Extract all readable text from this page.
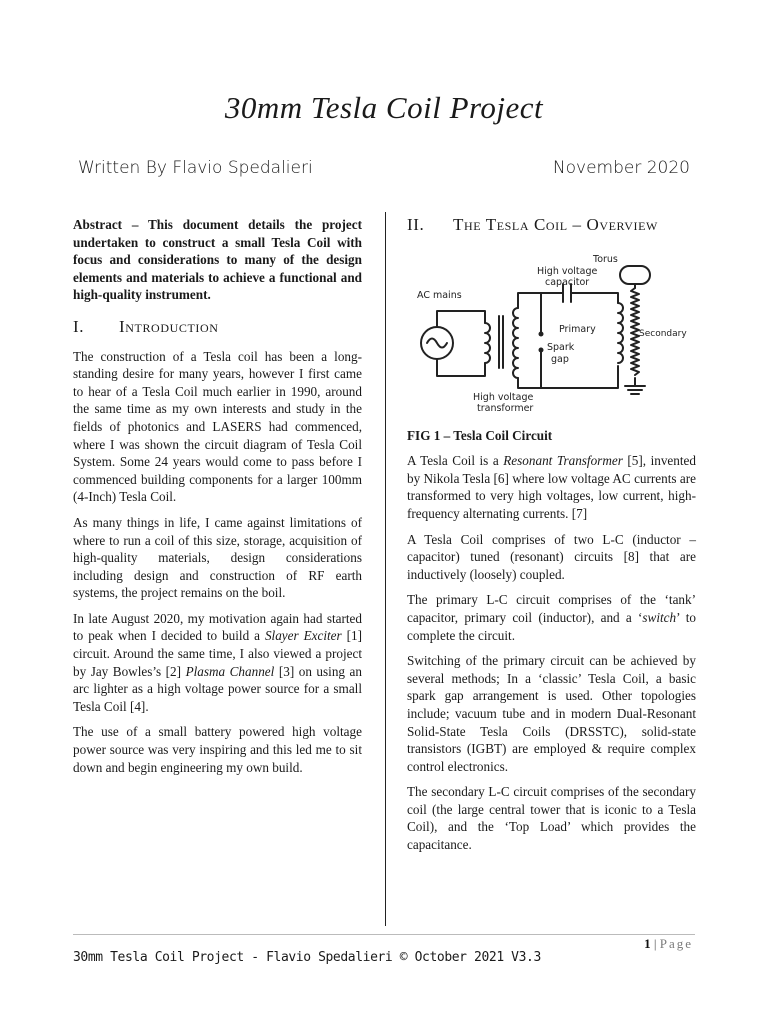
30mm Tesla Coil Project
Written By Flavio Spedalieri	November 2020

Abstract – This document details the project undertaken to construct a small Tesla Coil with focus and considerations to many of the design elements and materials to achieve a functional and high-quality instrument.

I.	Introduction

The construction of a Tesla coil has been a long-standing desire for many years, however I first came to hear of a Tesla Coil much earlier in 1990, around the same time as my own interests and study in the fields of photonics and LASERS had commenced, where I was shown the circuit diagram of Tesla Coil System. Some 24 years would come to pass before I commenced building components for a larger 100mm (4-Inch) Tesla Coil.

As many things in life, I came against limitations of where to run a coil of this size, storage, acquisition of high-quality materials, design considerations including design and construction of RF earth systems, the project remains on the boil.

In late August 2020, my motivation again had started to peak when I decided to build a Slayer Exciter [1] circuit. Around the same time, I also viewed a project by Jay Bowles’s [2] Plasma Channel [3] on using an arc lighter as a high voltage power source for a small Tesla Coil [4].

The use of a small battery powered high voltage power source was very inspiring and this led me to sit down and begin engineering my own build.

II.	The Tesla Coil – Overview
Torus
High voltage
capacitor
AC mains
Primary
Spark
gap
Secondary
High voltage
transformer

FIG 1 – Tesla Coil Circuit

A Tesla Coil is a Resonant Transformer [5], invented by Nikola Tesla [6] where low voltage AC currents are transformed to very high voltages, low current, high-frequency alternating currents. [7]

A Tesla Coil comprises of two L-C (inductor – capacitor) tuned (resonant) circuits [8] that are inductively (loosely) coupled.

The primary L-C circuit comprises of the ‘tank’ capacitor, primary coil (inductor), and a ‘switch’ to complete the circuit.

Switching of the primary circuit can be achieved by several methods; In a ‘classic’ Tesla Coil, a basic spark gap arrangement is used. Other topologies include; vacuum tube and in modern Dual-Resonant Solid-State Tesla Coils (DRSSTC), solid-state transistors (IGBT) are employed & require complex control electronics.

The secondary L-C circuit comprises of the secondary coil (the large central tower that is iconic to a Tesla Coil), and the ‘Top Load’ which provides the capacitance.

1 | Page
30mm Tesla Coil Project - Flavio Spedalieri © October 2021 V3.3
